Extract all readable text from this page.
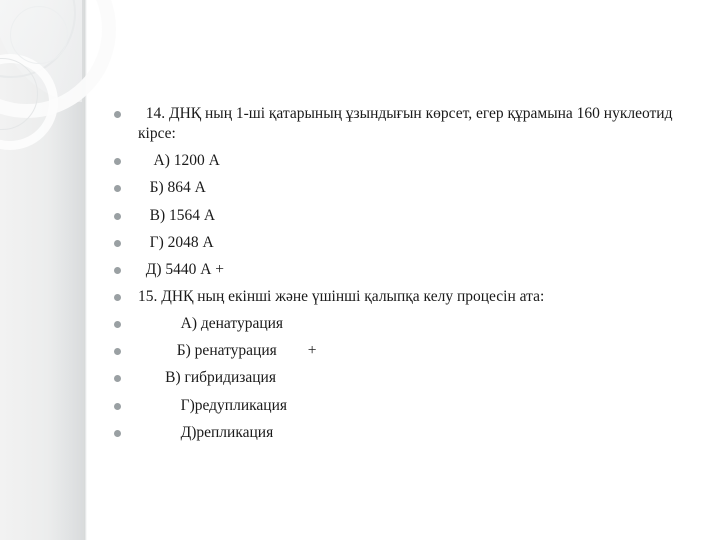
14. ДНҚ ның 1-ші қатарының ұзындығын көрсет, егер құрамына 160 нуклеотид кірсе:
А) 1200 А
Б) 864 А
В) 1564 А
Г) 2048 А
Д) 5440 А +
15. ДНҚ ның екінші және үшінші қалыпқа келу процесін ата:
А) денатурация
Б) ренатурация        +
В) гибридизация
Г)редупликация
Д)репликация
